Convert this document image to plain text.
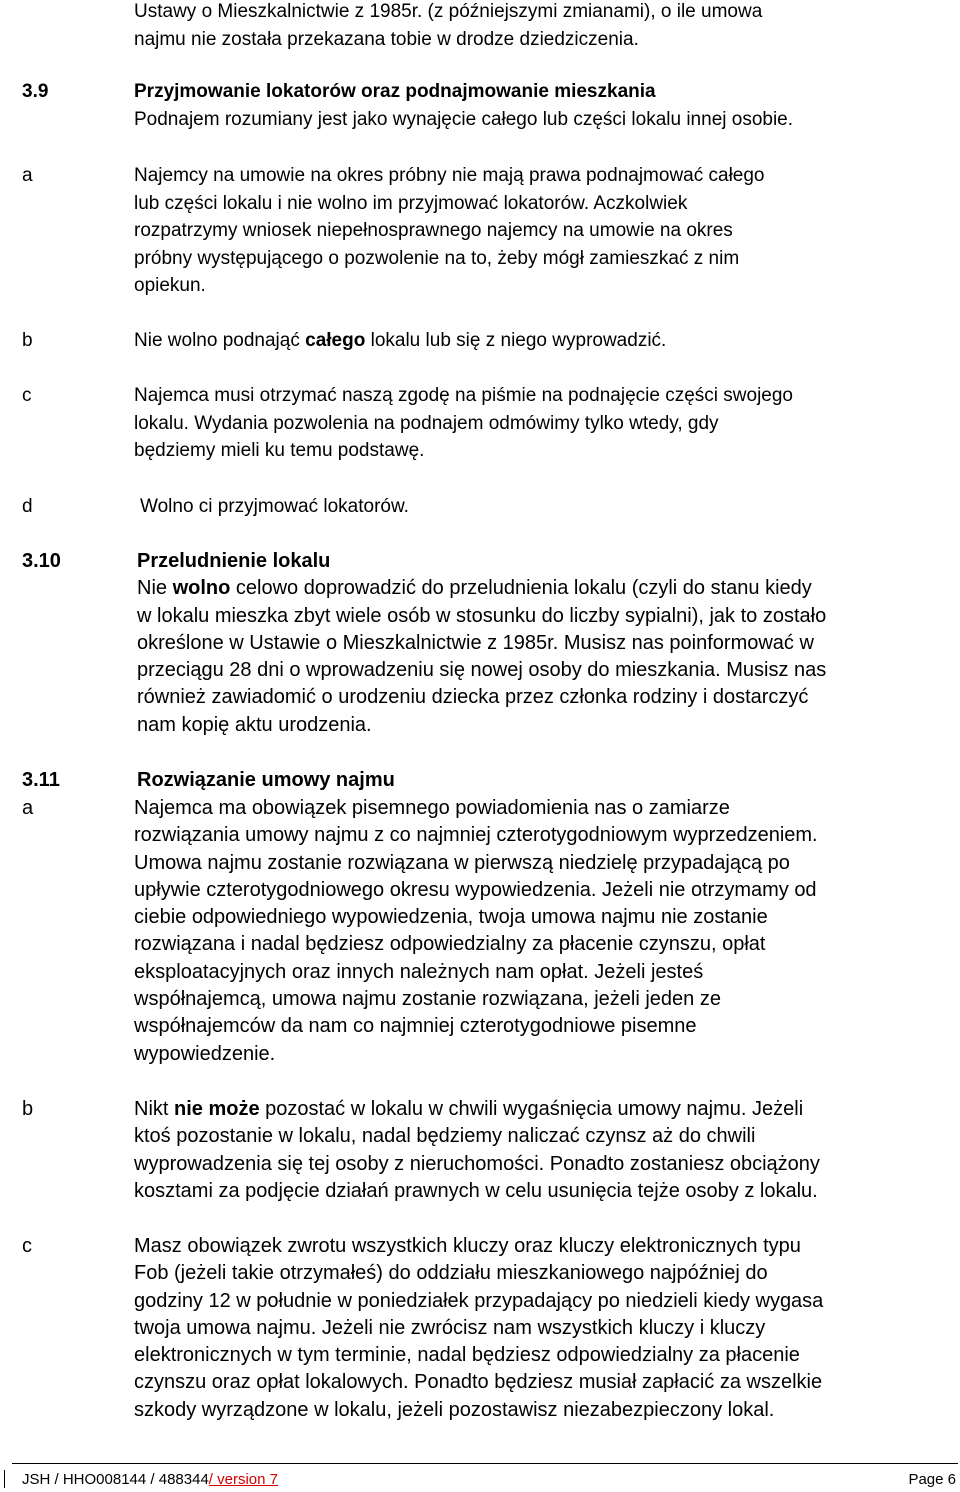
Ustawy o Mieszkalnictwie z 1985r. (z późniejszymi zmianami), o ile umowa

najmu nie została przekazana tobie w drodze dziedziczenia.

3.9	Przyjmowanie lokatorów oraz podnajmowanie mieszkania

Podnajem rozumiany jest jako wynajęcie całego lub części lokalu innej osobie.

a	Najemcy na umowie na okres próbny nie mają prawa podnajmować całego

lub części lokalu i nie wolno im przyjmować lokatorów. Aczkolwiek

rozpatrzymy wniosek niepełnosprawnego najemcy na umowie na okres

próbny występującego o pozwolenie na to, żeby mógł zamieszkać z nim

opiekun.

b	Nie wolno podnająć całego lokalu lub się z niego wyprowadzić.

c	Najemca musi otrzymać naszą zgodę na piśmie na podnajęcie części swojego

lokalu. Wydania pozwolenia na podnajem odmówimy tylko wtedy, gdy

będziemy mieli ku temu podstawę.

d	Wolno ci przyjmować lokatorów.

3.10	Przeludnienie lokalu

Nie wolno celowo doprowadzić do przeludnienia lokalu (czyli do stanu kiedy

w lokalu mieszka zbyt wiele osób w stosunku do liczby sypialni), jak to zostało

określone w Ustawie o Mieszkalnictwie z 1985r. Musisz nas poinformować w

przeciągu 28 dni o wprowadzeniu się nowej osoby do mieszkania. Musisz nas

również zawiadomić o urodzeniu dziecka przez członka rodziny i dostarczyć

nam kopię aktu urodzenia.

3.11	Rozwiązanie umowy najmu

a	Najemca ma obowiązek pisemnego powiadomienia nas o zamiarze

rozwiązania umowy najmu z co najmniej czterotygodniowym wyprzedzeniem.

Umowa najmu zostanie rozwiązana w pierwszą niedzielę przypadającą po

upływie czterotygodniowego okresu wypowiedzenia. Jeżeli nie otrzymamy od

ciebie odpowiedniego wypowiedzenia, twoja umowa najmu nie zostanie

rozwiązana i nadal będziesz odpowiedzialny za płacenie czynszu, opłat

eksploatacyjnych oraz innych należnych nam opłat. Jeżeli jesteś

współnajemcą, umowa najmu zostanie rozwiązana, jeżeli jeden ze

współnajemców da nam co najmniej czterotygodniowe pisemne

wypowiedzenie.

b	Nikt nie może pozostać w lokalu w chwili wygaśnięcia umowy najmu. Jeżeli

ktoś pozostanie w lokalu, nadal będziemy naliczać czynsz aż do chwili

wyprowadzenia się tej osoby z nieruchomości. Ponadto zostaniesz obciążony

kosztami za podjęcie działań prawnych w celu usunięcia tejże osoby z lokalu.

c	Masz obowiązek zwrotu wszystkich kluczy oraz kluczy elektronicznych typu

Fob (jeżeli takie otrzymałeś) do oddziału mieszkaniowego najpóźniej do

godziny 12 w południe w poniedziałek przypadający po niedzieli kiedy wygasa

twoja umowa najmu. Jeżeli nie zwrócisz nam wszystkich kluczy i kluczy

elektronicznych w tym terminie, nadal będziesz odpowiedzialny za płacenie

czynszu oraz opłat lokalowych. Ponadto będziesz musiał zapłacić za wszelkie

szkody wyrządzone w lokalu, jeżeli pozostawisz niezabezpieczony lokal.

JSH / HHO008144 / 488344/ version 7	Page 6
